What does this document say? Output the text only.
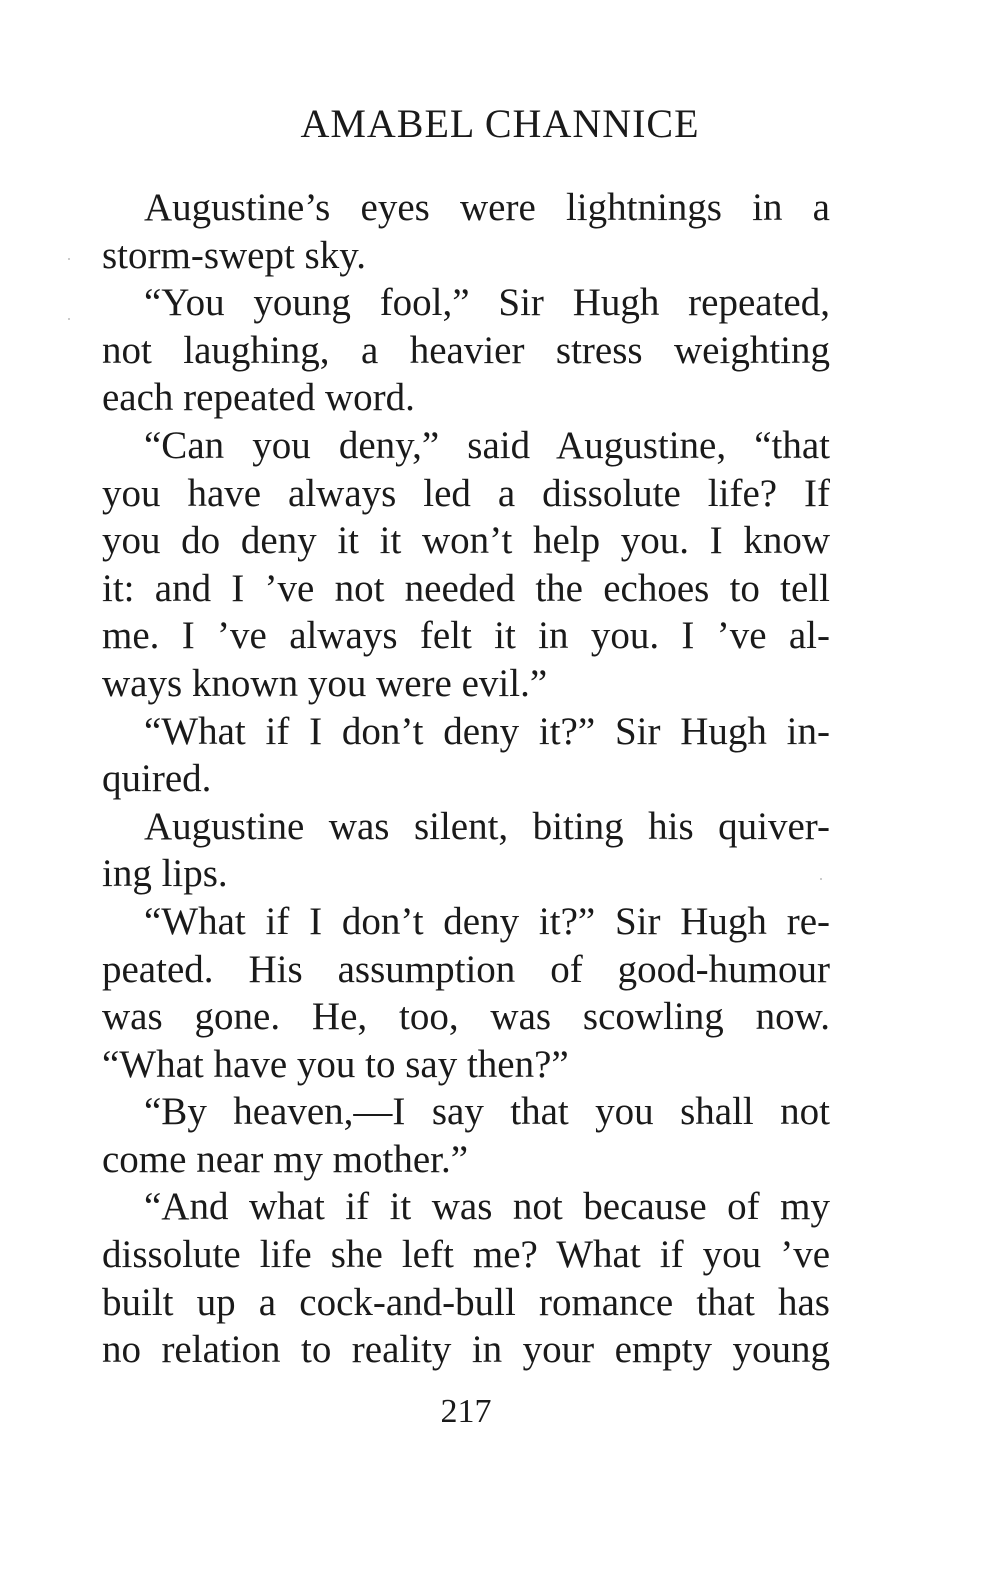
AMABEL CHANNICE
Augustine’s eyes were lightnings in a
storm-swept sky.
“You young fool,” Sir Hugh repeated,
not laughing, a heavier stress weighting
each repeated word.
“Can you deny,” said Augustine, “that
you have always led a dissolute life? If
you do deny it it won’t help you. I know
it: and I ’ve not needed the echoes to tell
me. I ’ve always felt it in you. I ’ve al-
ways known you were evil.”
“What if I don’t deny it?” Sir Hugh in-
quired.
Augustine was silent, biting his quiver-
ing lips.
“What if I don’t deny it?” Sir Hugh re-
peated. His assumption of good-humour
was gone. He, too, was scowling now.
“What have you to say then?”
“By heaven,—I say that you shall not
come near my mother.”
“And what if it was not because of my
dissolute life she left me? What if you ’ve
built up a cock-and-bull romance that has
no relation to reality in your empty young
217
